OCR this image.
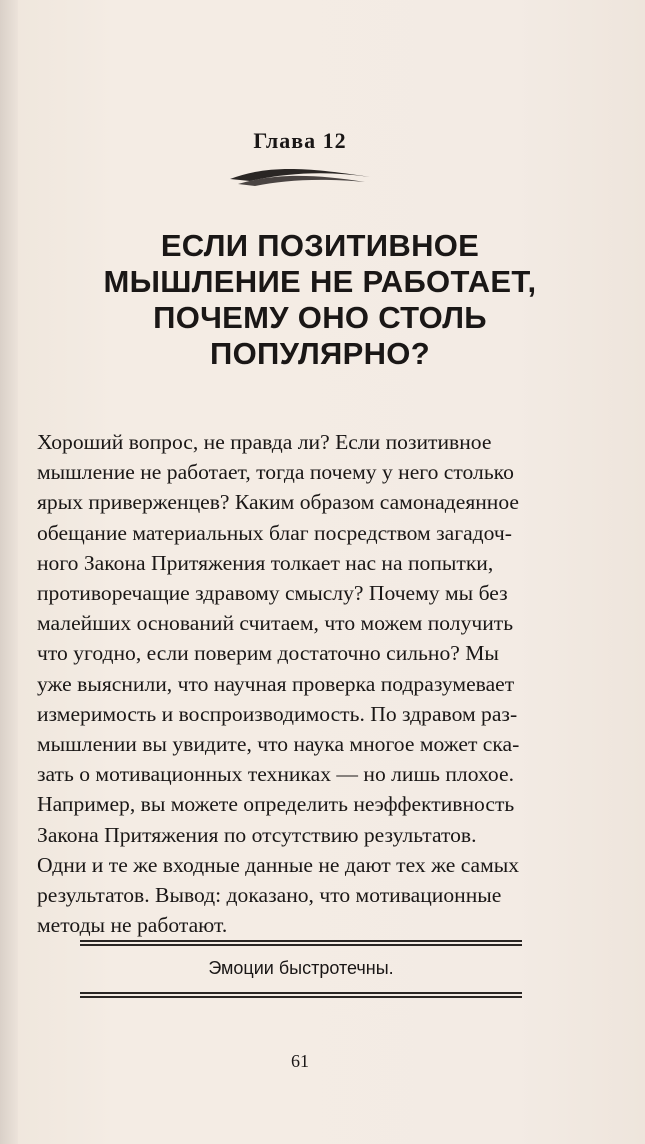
Глава 12
ЕСЛИ ПОЗИТИВНОЕ
МЫШЛЕНИЕ НЕ РАБОТАЕТ,
ПОЧЕМУ ОНО СТОЛЬ
ПОПУЛЯРНО?
Хороший вопрос, не правда ли? Если позитивное
мышление не работает, тогда почему у него столько
ярых приверженцев? Каким образом самонадеянное
обещание материальных благ посредством загадоч-
ного Закона Притяжения толкает нас на попытки,
противоречащие здравому смыслу? Почему мы без
малейших оснований считаем, что можем получить
что угодно, если поверим достаточно сильно? Мы
уже выяснили, что научная проверка подразумевает
измеримость и воспроизводимость. По здравом раз-
мышлении вы увидите, что наука многое может ска-
зать о мотивационных техниках — но лишь плохое.
Например, вы можете определить неэффективность
Закона Притяжения по отсутствию результатов.
Одни и те же входные данные не дают тех же самых
результатов. Вывод: доказано, что мотивационные
методы не работают.
Эмоции быстротечны.
61
